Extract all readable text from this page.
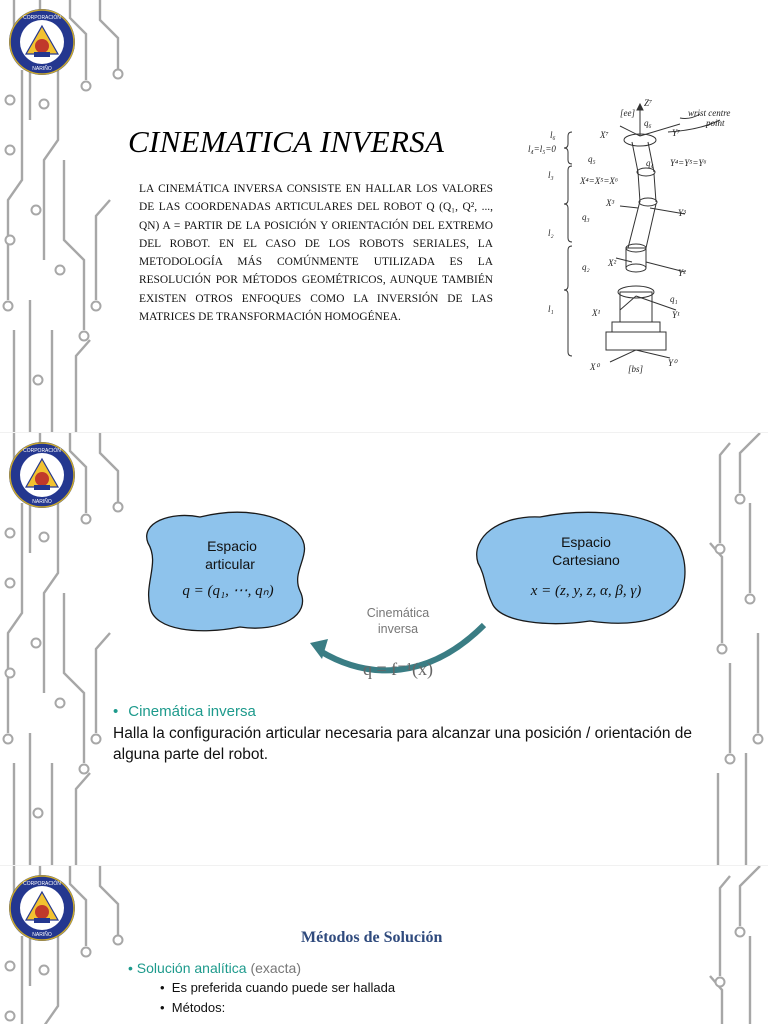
CINEMATICA INVERSA
LA CINEMÁTICA INVERSA CONSISTE EN HALLAR LOS VALORES DE LAS COORDENADAS ARTICULARES DEL ROBOT Q (Q₁, Q², ..., QN) A = PARTIR DE LA POSICIÓN Y ORIENTACIÓN DEL EXTREMO DEL ROBOT. EN EL CASO DE LOS ROBOTS SERIALES, LA METODOLOGÍA MÁS COMÚNMENTE UTILIZADA ES LA RESOLUCIÓN POR MÉTODOS GEOMÉTRICOS, AUNQUE TAMBIÉN EXISTEN OTROS ENFOQUES COMO LA INVERSIÓN DE LAS MATRICES DE TRANSFORMACIÓN HOMOGÉNEA.
[ee]
Z⁷
wrist centre
point
l₆
l₄=l₅=0
l₃
l₂
l₁
X⁷	Y⁷
q₆
q₅	q₄ Y⁴=Y⁵=Y⁶
X⁴=X⁵=X⁶
q₃
X³
Y³
q₂ X²
Y²
q₁
X¹	Y¹
X⁰	[bs]
Y⁰
Espacio
articular
q = (q₁, ⋯, qₙ)
Espacio
Cartesiano
x = (z, y, z, α, β, γ)
Cinemática
inversa
q = f⁻¹(x)
• Cinemática inversa
Halla la configuración articular necesaria para alcanzar una posición / orientación de alguna parte del robot.
Métodos de Solución
• Solución analítica (exacta)
•  Es preferida cuando puede ser hallada
•  Métodos:
